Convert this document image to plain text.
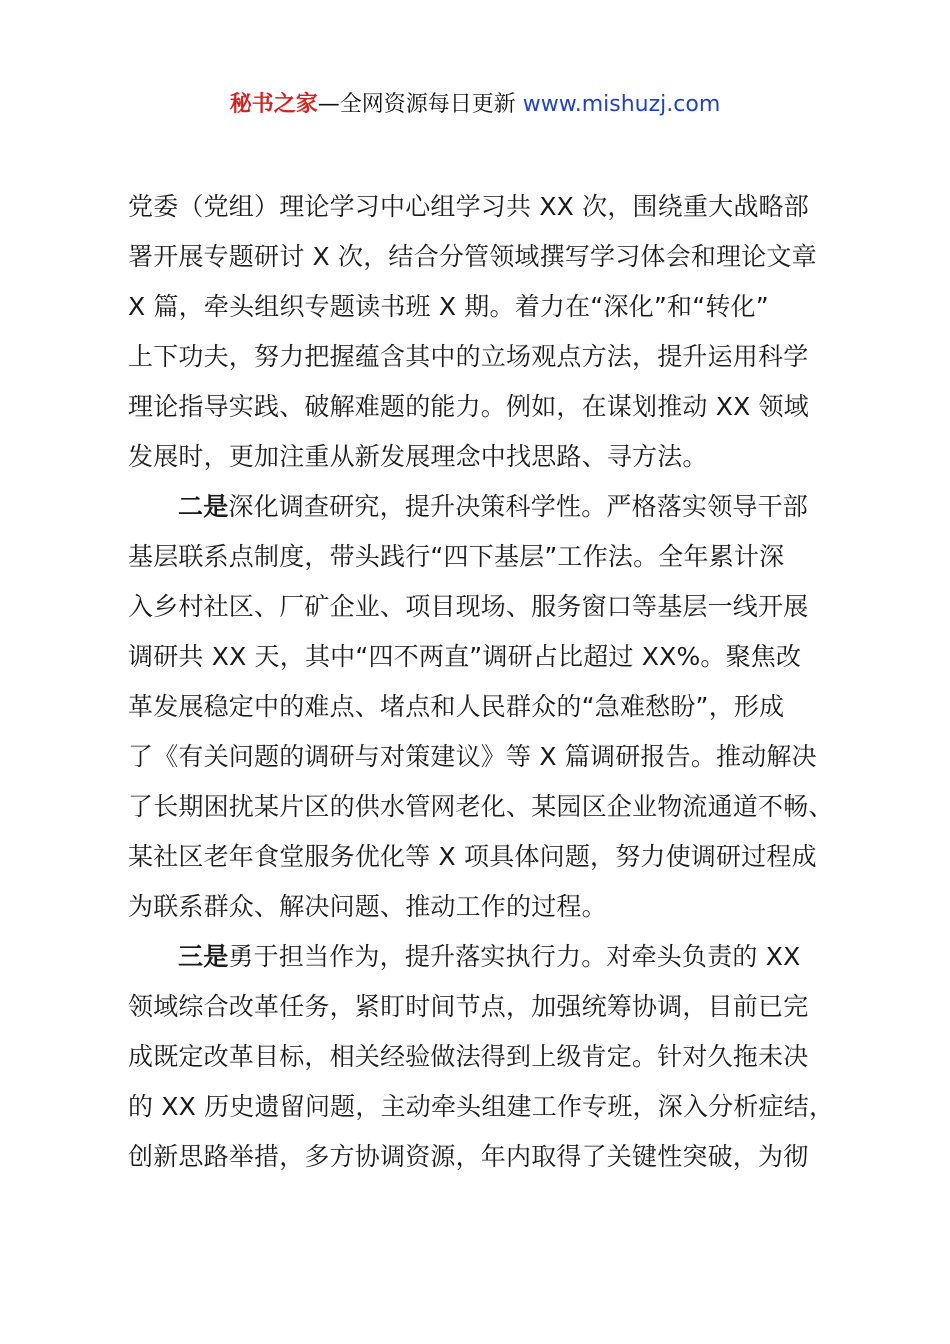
秘书之家—全网资源每日更新 www.mishuzj.com
党委（党组）理论学习中心组学习共 XX 次，围绕重大战略部
署开展专题研讨 X 次，结合分管领域撰写学习体会和理论文章
X 篇，牵头组织专题读书班 X 期。着力在“深化”和“转化”
上下功夫，努力把握蕴含其中的立场观点方法，提升运用科学
理论指导实践、破解难题的能力。例如，在谋划推动 XX 领域
发展时，更加注重从新发展理念中找思路、寻方法。
二是深化调查研究，提升决策科学性。严格落实领导干部
基层联系点制度，带头践行“四下基层”工作法。全年累计深
入乡村社区、厂矿企业、项目现场、服务窗口等基层一线开展
调研共 XX 天，其中“四不两直”调研占比超过 XX%。聚焦改
革发展稳定中的难点、堵点和人民群众的“急难愁盼”，形成
了《有关问题的调研与对策建议》等 X 篇调研报告。推动解决
了长期困扰某片区的供水管网老化、某园区企业物流通道不畅、
某社区老年食堂服务优化等 X 项具体问题，努力使调研过程成
为联系群众、解决问题、推动工作的过程。
三是勇于担当作为，提升落实执行力。对牵头负责的 XX
领域综合改革任务，紧盯时间节点，加强统筹协调，目前已完
成既定改革目标，相关经验做法得到上级肯定。针对久拖未决
的 XX 历史遗留问题，主动牵头组建工作专班，深入分析症结，
创新思路举措，多方协调资源，年内取得了关键性突破，为彻
